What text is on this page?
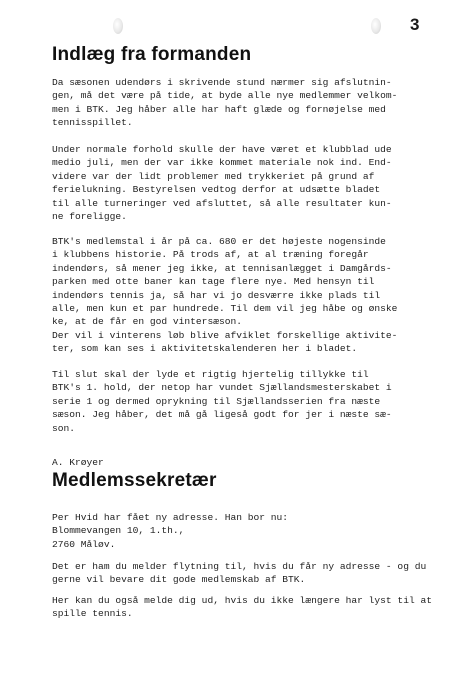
3
Indlæg fra formanden

Da sæsonen udendørs i skrivende stund nærmer sig afslutnin-
gen, må det være på tide, at byde alle nye medlemmer velkom-
men i BTK. Jeg håber alle har haft glæde og fornøjelse med
tennisspillet.

Under normale forhold skulle der have været et klubblad ude
medio juli, men der var ikke kommet materiale nok ind. End-
videre var der lidt problemer med trykkeriet på grund af
ferielukning. Bestyrelsen vedtog derfor at udsætte bladet
til alle turneringer ved afsluttet, så alle resultater kun-
ne foreligge.

BTK's medlemstal i år på ca. 680 er det højeste nogensinde
i klubbens historie. På trods af, at al træning foregår
indendørs, så mener jeg ikke, at tennisanlægget i Damgårds-
parken med otte baner kan tage flere nye. Med hensyn til
indendørs tennis ja, så har vi jo desværre ikke plads til
alle, men kun et par hundrede. Til dem vil jeg håbe og ønske
ke, at de får en god vintersæson.
Der vil i vinterens løb blive afviklet forskellige aktivite-
ter, som kan ses i aktivitetskalenderen her i bladet.

Til slut skal der lyde et rigtig hjertelig tillykke til
BTK's 1. hold, der netop har vundet Sjællandsmesterskabet i
serie 1 og dermed oprykning til Sjællandsserien fra næste
sæson. Jeg håber, det må gå ligeså godt for jer i næste sæ-
son.

A. Krøyer

Medlemssekretær

Per Hvid har fået ny adresse. Han bor nu:
Blommevangen 10, 1.th.,
2760 Måløv.

Det er ham du melder flytning til, hvis du får ny adresse - og du
gerne vil bevare dit gode medlemskab af BTK.

Her kan du også melde dig ud, hvis du ikke længere har lyst til at
spille tennis.
